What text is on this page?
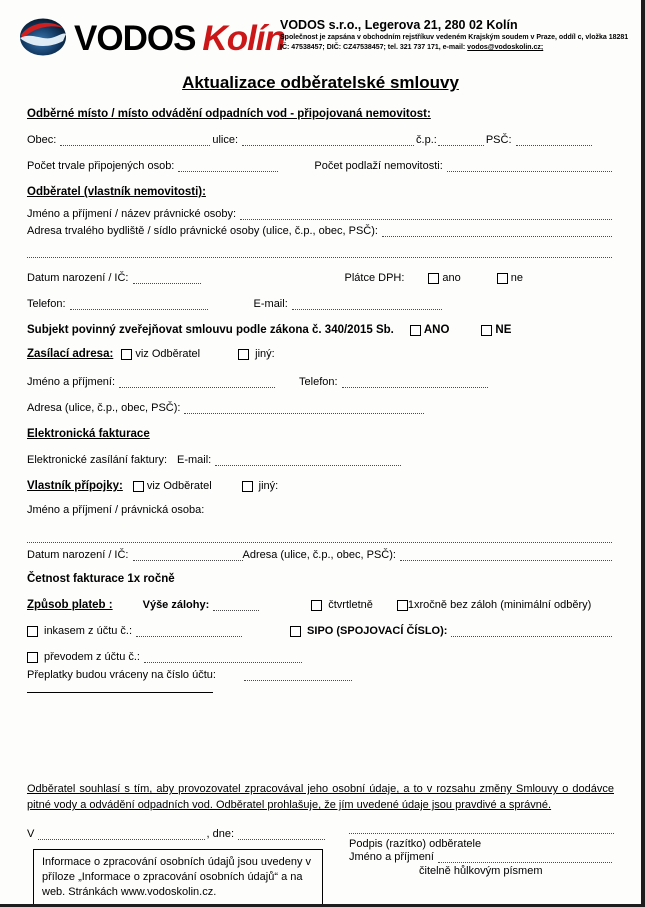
VODOS Kolín
VODOS s.r.o., Legerova 21, 280 02 Kolín
Společnost je zapsána v obchodním rejstříkuv vedeném Krajským soudem v Praze, oddíl c, vložka 18281
IČ: 47538457; DIČ: CZ47538457; tel. 321 737 171, e-mail: vodos@vodoskolin.cz;
Aktualizace odběratelské smlouvy
Odběrné místo / místo odvádění odpadních vod - připojovaná nemovitost:
Obec:	ulice:	č.p.:	PSČ:
Počet trvale připojených osob:	Počet podlaží nemovitosti:
Odběratel (vlastník nemovitosti):
Jméno a příjmení / název právnické osoby:
Adresa trvalého bydliště / sídlo právnické osoby (ulice, č.p., obec, PSČ):
Datum narození / IČ:	Plátce DPH:	ano	ne
Telefon:	E-mail:
Subjekt povinný zveřejňovat smlouvu podle zákona č. 340/2015 Sb.	ANO	NE
Zasílací adresa: viz Odběratel	jiný:
Jméno a příjmení:	Telefon:
Adresa (ulice, č.p., obec, PSČ):
Elektronická fakturace
Elektronické zasílání faktury: E-mail:
Vlastník přípojky: viz Odběratel	jiný:
Jméno a příjmení / právnická osoba:
Datum narození / IČ:	Adresa (ulice, č.p., obec, PSČ):
Četnost fakturace 1x ročně
Způsob plateb :	Výše zálohy:	čtvrtletně	1xročně bez záloh (minimální odběry)
inkasem z účtu č.:	SIPO (SPOJOVACÍ ČÍSLO):
převodem z účtu č.:
Přeplatky budou vráceny na číslo účtu:
Odběratel souhlasí s tím, aby provozovatel zpracovával jeho osobní údaje, a to v rozsahu změny Smlouvy o dodávce pitné vody a odvádění odpadních vod. Odběratel prohlašuje, že jím uvedené údaje jsou pravdivé a správné.
V	, dne:
Informace o zpracování osobních údajů jsou uvedeny v příloze „Informace o zpracování osobních údajů“ a na web. Stránkách www.vodoskolin.cz.
Podpis (razítko) odběratele
Jméno a příjmení
čitelně hůlkovým písmem
